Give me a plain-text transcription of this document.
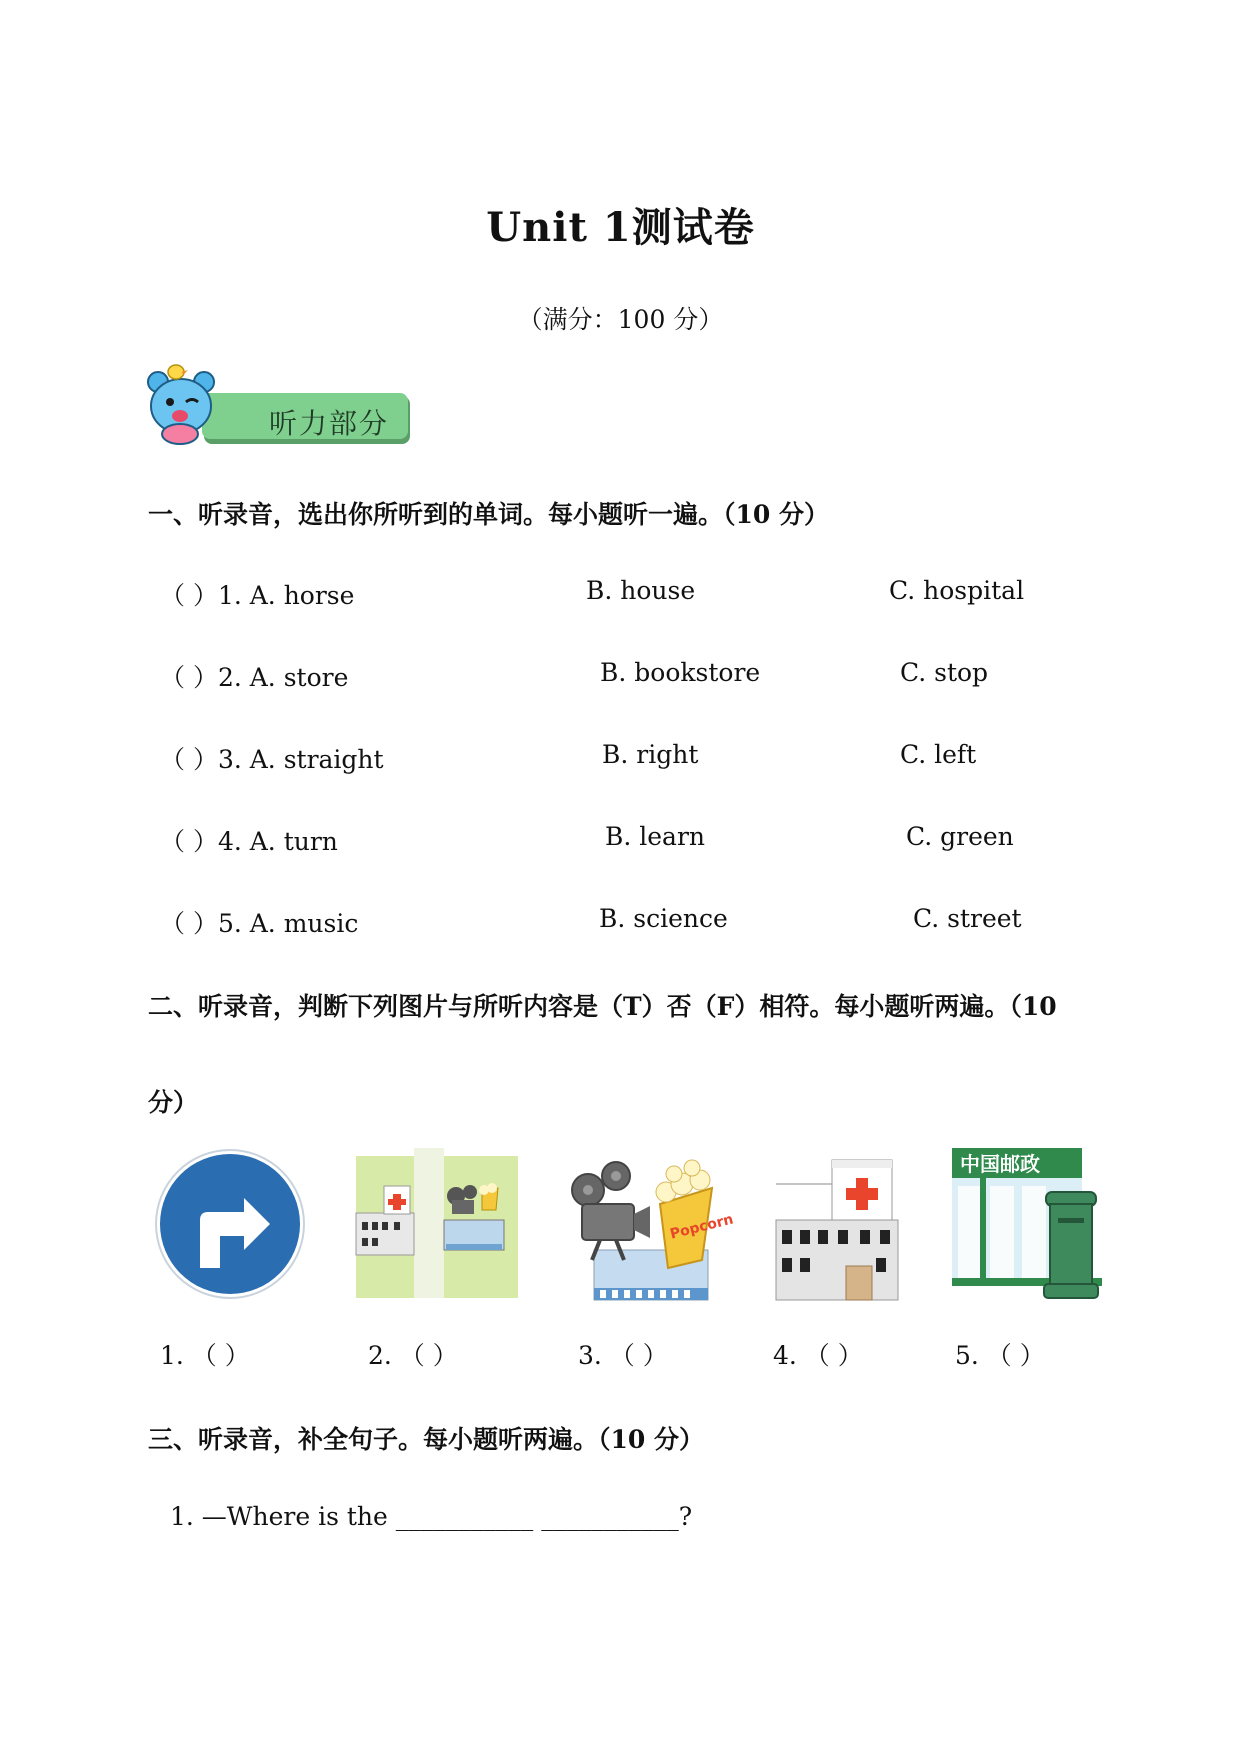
Unit 1测试卷
（满分：100 分）
听力部分
一、听录音，选出你所听到的单词。每小题听一遍。（10 分）
（ ）1. A. horse	B. house	C. hospital
（ ）2. A. store	B. bookstore	C. stop
（ ）3. A. straight	B. right	C. left
（ ）4. A. turn	B. learn	C. green
（ ）5. A. music	B. science	C. street
二、听录音，判断下列图片与所听内容是（T）否（F）相符。每小题听两遍。（10
分）
Popcorn
中国邮政
1. （ ）	2. （ ）	3. （ ）	4. （ ）	5. （ ）
三、听录音，补全句子。每小题听两遍。（10 分）
1. —Where is the ___________ ___________?
